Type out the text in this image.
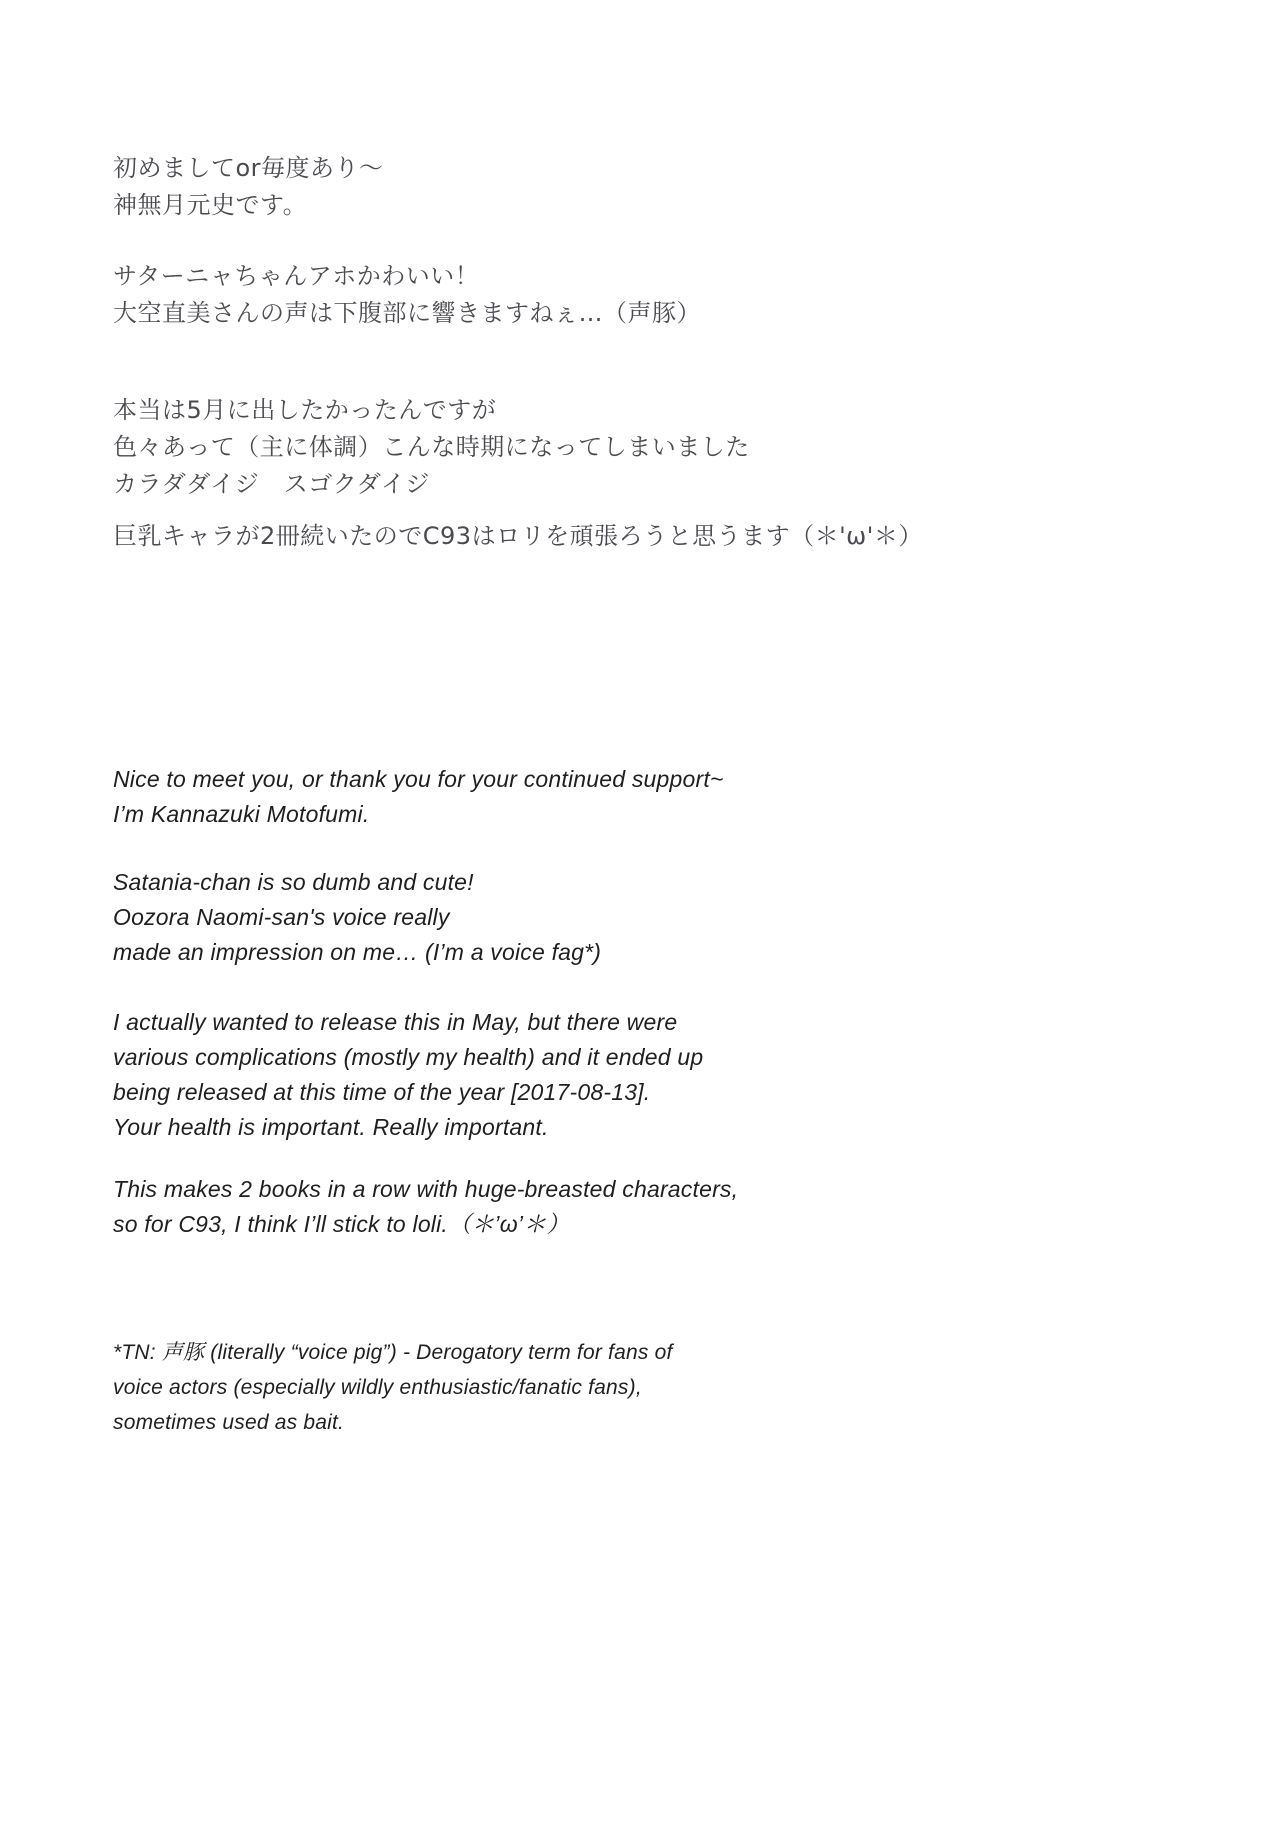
初めましてor毎度あり～
神無月元史です。
サターニャちゃんアホかわいい！
大空直美さんの声は下腹部に響きますねぇ…（声豚）
本当は5月に出したかったんですが
色々あって（主に体調）こんな時期になってしまいました
カラダダイジ　スゴクダイジ
巨乳キャラが2冊続いたのでC93はロリを頑張ろうと思うます（＊'ω'＊）
Nice to meet you, or thank you for your continued support~
I’m Kannazuki Motofumi.
Satania-chan is so dumb and cute!
Oozora Naomi-san's voice really
made an impression on me… (I’m a voice fag*)
I actually wanted to release this in May, but there were
various complications (mostly my health) and it ended up
being released at this time of the year [2017-08-13].
Your health is important. Really important.
This makes 2 books in a row with huge-breasted characters,
so for C93, I think I’ll stick to loli.（＊’ω’＊）
*TN: 声豚 (literally “voice pig”) - Derogatory term for fans of
voice actors (especially wildly enthusiastic/fanatic fans),
sometimes used as bait.
